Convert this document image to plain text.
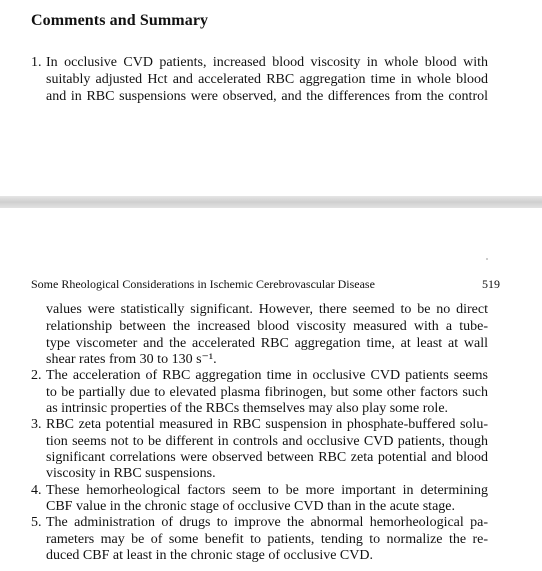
Comments and Summary
1. In occlusive CVD patients, increased blood viscosity in whole blood with
suitably adjusted Hct and accelerated RBC aggregation time in whole blood
and in RBC suspensions were observed, and the differences from the control
Some Rheological Considerations in Ischemic Cerebrovascular Disease	519
values were statistically significant. However, there seemed to be no direct
relationship between the increased blood viscosity measured with a tube-
type viscometer and the accelerated RBC aggregation time, at least at wall
shear rates from 30 to 130 s⁻¹.
2. The acceleration of RBC aggregation time in occlusive CVD patients seems
to be partially due to elevated plasma fibrinogen, but some other factors such
as intrinsic properties of the RBCs themselves may also play some role.
3. RBC zeta potential measured in RBC suspension in phosphate-buffered solu-
tion seems not to be different in controls and occlusive CVD patients, though
significant correlations were observed between RBC zeta potential and blood
viscosity in RBC suspensions.
4. These hemorheological factors seem to be more important in determining
CBF value in the chronic stage of occlusive CVD than in the acute stage.
5. The administration of drugs to improve the abnormal hemorheological pa-
rameters may be of some benefit to patients, tending to normalize the re-
duced CBF at least in the chronic stage of occlusive CVD.
